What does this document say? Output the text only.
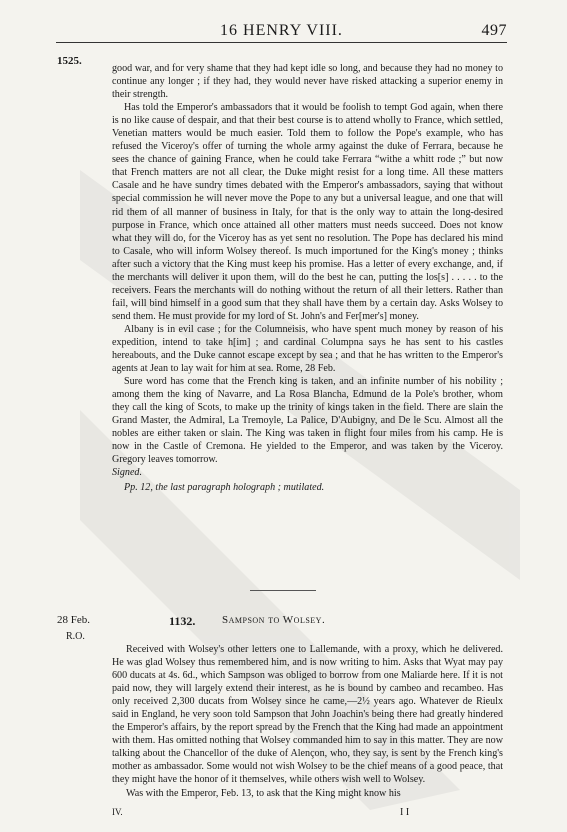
16 HENRY VIII.	497
1525.

good war, and for very shame that they had kept idle so long, and because they had no money to continue any longer ; if they had, they would never have risked attacking a superior enemy in their strength.

Has told the Emperor's ambassadors that it would be foolish to tempt God again, when there is no like cause of despair, and that their best course is to attend wholly to France, which settled, Venetian matters would be much easier. Told them to follow the Pope's example, who has refused the Viceroy's offer of turning the whole army against the duke of Ferrara, because he sees the chance of gaining France, when he could take Ferrara “withe a whitt rode ;” but now that French matters are not all clear, the Duke might resist for a long time. All these matters Casale and he have sundry times debated with the Emperor's ambassadors, saying that without special commission he will never move the Pope to any but a universal league, and one that will rid them of all manner of business in Italy, for that is the only way to attain the long-desired purpose in France, which once attained all other matters must needs succeed. Does not know what they will do, for the Viceroy has as yet sent no resolution. The Pope has declared his mind to Casale, who will inform Wolsey thereof. Is much importuned for the King's money ; thinks after such a victory that the King must keep his promise. Has a letter of every exchange, and, if the merchants will deliver it upon them, will do the best he can, putting the los[s] . . . . . to the receivers. Fears the merchants will do nothing without the return of all their letters. Rather than fail, will bind himself in a good sum that they shall have them by a certain day. Asks Wolsey to send them. He must provide for my lord of St. John's and Fer[mer's] money.

Albany is in evil case ; for the Columneisis, who have spent much money by reason of his expedition, intend to take h[im] ; and cardinal Columpna says he has sent to his castles hereabouts, and the Duke cannot escape except by sea ; and that he has written to the Emperor's agents at Jean to lay wait for him at sea. Rome, 28 Feb.

Sure word has come that the French king is taken, and an infinite number of his nobility ; among them the king of Navarre, and La Rosa Blancha, Edmund de la Pole's brother, whom they call the king of Scots, to make up the trinity of kings taken in the field. There are slain the Grand Master, the Admiral, La Tremoyle, La Palice, D'Aubigny, and De le Scu. Almost all the nobles are either taken or slain. The King was taken in flight four miles from his camp. He is now in the Castle of Cremona. He yielded to the Emperor, and was taken by the Viceroy. Gregory leaves tomorrow.

Signed.

Pp. 12, the last paragraph holograph ; mutilated.

28 Feb.	1132. Sampson to Wolsey.
R.O.

Received with Wolsey's other letters one to Lallemande, with a proxy, which he delivered. He was glad Wolsey thus remembered him, and is now writing to him. Asks that Wyat may pay 600 ducats at 4s. 6d., which Sampson was obliged to borrow from one Maliarde here. If it is not paid now, they will largely extend their interest, as he is bound by cambeo and recambeo. Has only received 2,300 ducats from Wolsey since he came,—2½ years ago. Whatever de Rieulx said in England, he very soon told Sampson that John Joachin's being there had greatly hindered the Emperor's affairs, by the report spread by the French that the King had made an appointment with them. Has omitted nothing that Wolsey commanded him to say in this matter. They are now talking about the Chancellor of the duke of Alençon, who, they say, is sent by the French king's mother as ambassador. Some would not wish Wolsey to be the chief means of a good peace, that they might have the honor of it themselves, while others wish well to Wolsey.

Was with the Emperor, Feb. 13, to ask that the King might know his

IV.	I I
